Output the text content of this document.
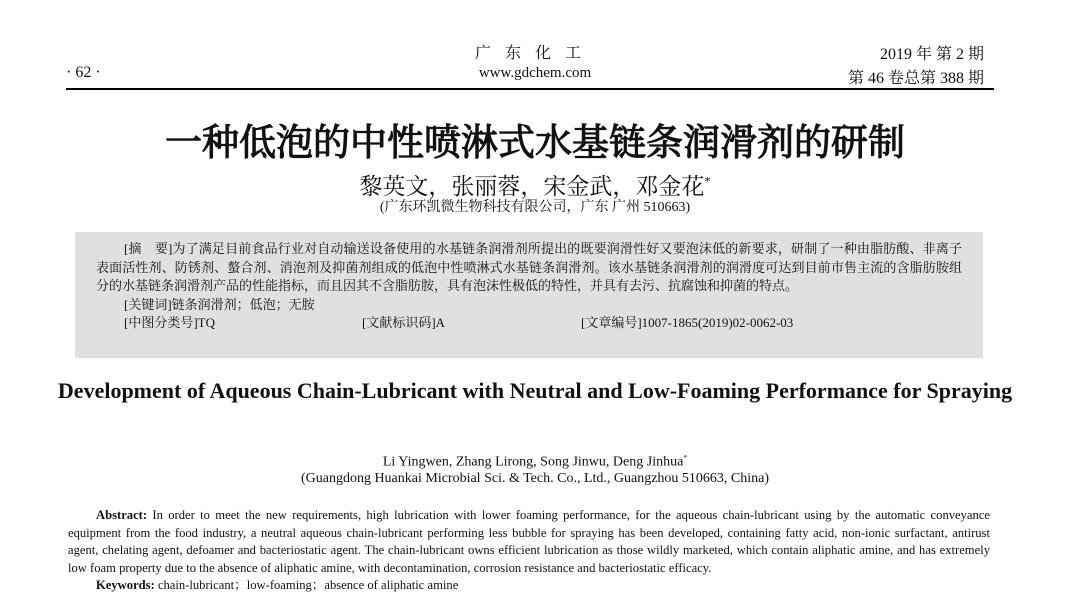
广东化工
www.gdchem.com
· 62 ·
2019 年 第 2 期
第 46 卷总第 388 期
一种低泡的中性喷淋式水基链条润滑剂的研制
黎英文，张丽蓉，宋金武，邓金花*
(广东环凯微生物科技有限公司，广东 广州 510663)

[摘　要]为了满足目前食品行业对自动输送设备使用的水基链条润滑剂所提出的既要润滑性好又要泡沫低的新要求，研制了一种由脂肪酸、非离子表面活性剂、防锈剂、螯合剂、消泡剂及抑菌剂组成的低泡中性喷淋式水基链条润滑剂。该水基链条润滑剂的润滑度可达到目前市售主流的含脂肪胺组分的水基链条润滑剂产品的性能指标，而且因其不含脂肪胺，具有泡沫性极低的特性，并具有去污、抗腐蚀和抑菌的特点。

[关键词]链条润滑剂；低泡；无胺

[中图分类号]TQ	[文献标识码]A	[文章编号]1007-1865(2019)02-0062-03
Development of Aqueous Chain-Lubricant with Neutral and Low-Foaming Performance for Spraying
Li Yingwen, Zhang Lirong, Song Jinwu, Deng Jinhua*
(Guangdong Huankai Microbial Sci. & Tech. Co., Ltd., Guangzhou 510663, China)

Abstract: In order to meet the new requirements, high lubrication with lower foaming performance, for the aqueous chain-lubricant using by the automatic conveyance equipment from the food industry, a neutral aqueous chain-lubricant performing less bubble for spraying has been developed, containing fatty acid, non-ionic surfactant, antirust agent, chelating agent, defoamer and bacteriostatic agent. The chain-lubricant owns efficient lubrication as those wildly marketed, which contain aliphatic amine, and has extremely low foam property due to the absence of aliphatic amine, with decontamination, corrosion resistance and bacteriostatic efficacy.

Keywords: chain-lubricant；low-foaming；absence of aliphatic amine
